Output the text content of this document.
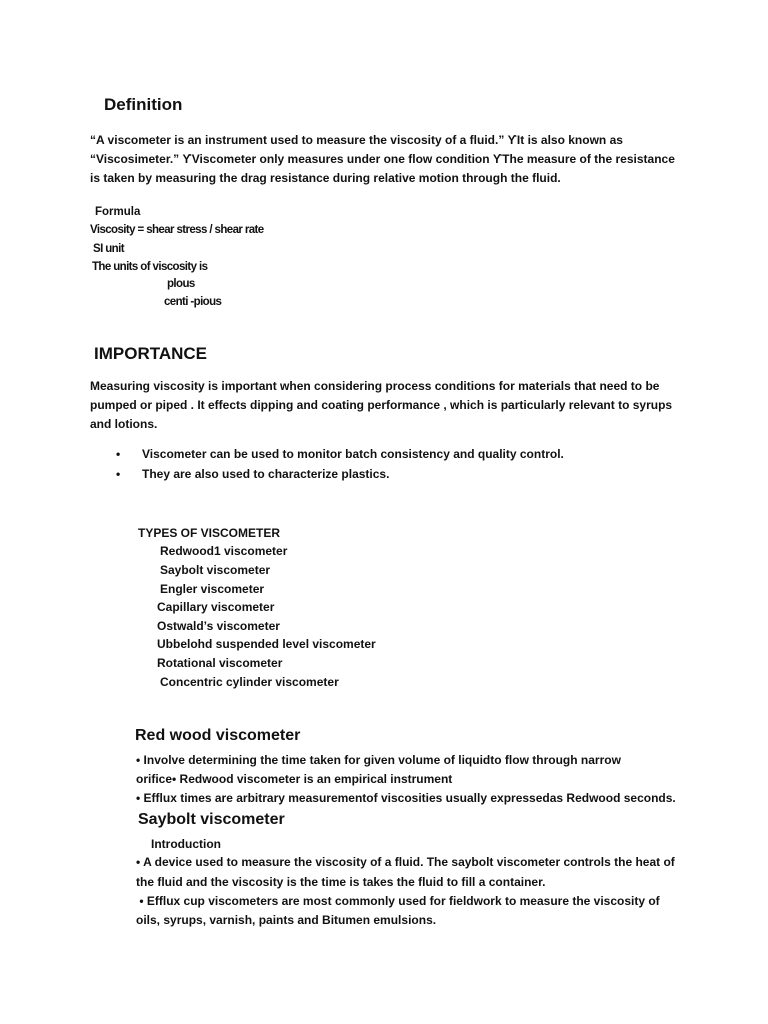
Definition
“A viscometer is an instrument used to measure the viscosity of a fluid.” ϒIt is also known as
“Viscosimeter.” ϒViscometer only measures under one flow condition ϒThe measure of the resistance
is taken by measuring the drag resistance during relative motion through the fluid.
Formula
Viscosity = shear stress / shear rate
SI unit
The units of viscosity is
plous
centi -pious
IMPORTANCE
Measuring viscosity is important when considering process conditions for materials that need to be
pumped or piped . It effects dipping and coating performance , which is particularly relevant to syrups
and lotions.
• Viscometer can be used to monitor batch consistency and quality control.
• They are also used to characterize plastics.
TYPES OF VISCOMETER
Redwood1 viscometer
Saybolt viscometer
Engler viscometer
Capillary viscometer
Ostwald’s viscometer
Ubbelohd suspended level viscometer
Rotational viscometer
Concentric cylinder viscometer
Red wood viscometer
• Involve determining the time taken for given volume of liquidto flow through narrow
orifice• Redwood viscometer is an empirical instrument
• Efflux times are arbitrary measurementof viscosities usually expressedas Redwood seconds.
Saybolt viscometer
Introduction
• A device used to measure the viscosity of a fluid. The saybolt viscometer controls the heat of
the fluid and the viscosity is the time is takes the fluid to fill a container.
• Efflux cup viscometers are most commonly used for fieldwork to measure the viscosity of
oils, syrups, varnish, paints and Bitumen emulsions.
